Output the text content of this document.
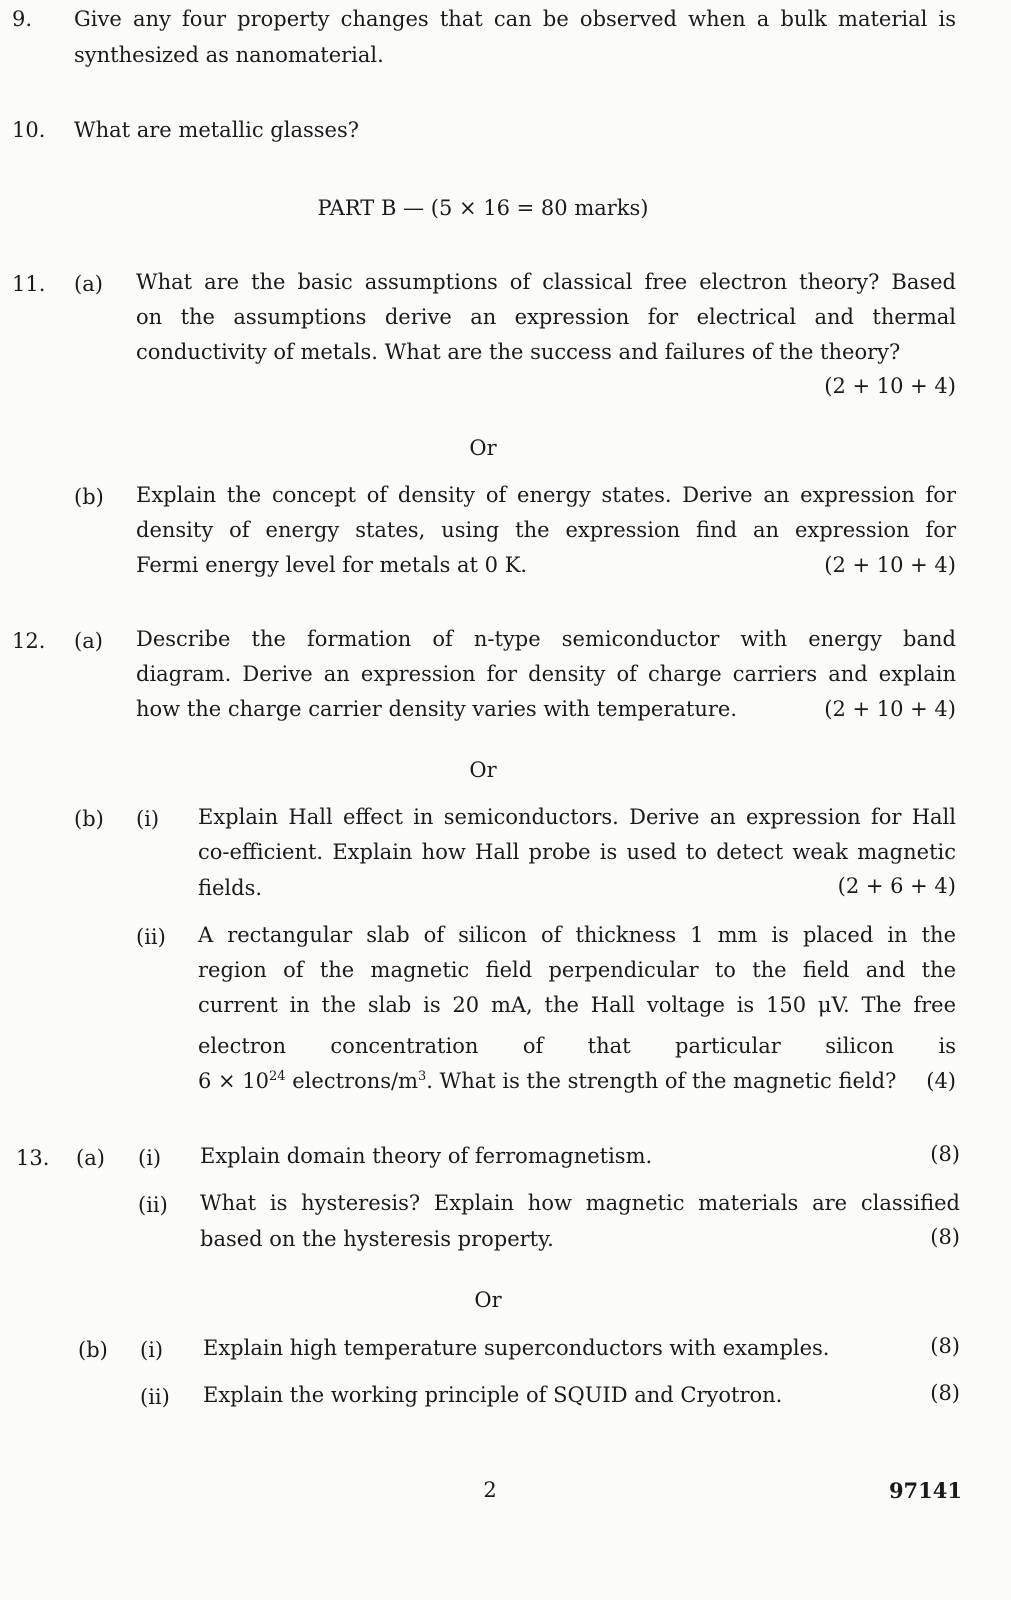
9. Give any four property changes that can be observed when a bulk material is
synthesized as nanomaterial.
10. What are metallic glasses?
PART B — (5 × 16 = 80 marks)
11. (a) What are the basic assumptions of classical free electron theory? Based
on the assumptions derive an expression for electrical and thermal
conductivity of metals. What are the success and failures of the theory?
(2 + 10 + 4)
Or
(b) Explain the concept of density of energy states. Derive an expression for
density of energy states, using the expression find an expression for
Fermi energy level for metals at 0 K.	(2 + 10 + 4)
12. (a) Describe the formation of n-type semiconductor with energy band
diagram. Derive an expression for density of charge carriers and explain
how the charge carrier density varies with temperature.	(2 + 10 + 4)
Or
(b) (i) Explain Hall effect in semiconductors. Derive an expression for Hall
co-efficient. Explain how Hall probe is used to detect weak magnetic
fields.	(2 + 6 + 4)
(ii) A rectangular slab of silicon of thickness 1 mm is placed in the
region of the magnetic field perpendicular to the field and the
current in the slab is 20 mA, the Hall voltage is 150 μV. The free
electron concentration of that particular silicon is
$6 \times 10^{24}$ electrons/$m^3$. What is the strength of the magnetic field?	(4)
13. (a) (i) Explain domain theory of ferromagnetism.	(8)
(ii) What is hysteresis? Explain how magnetic materials are classified
based on the hysteresis property.	(8)
Or
(b) (i) Explain high temperature superconductors with examples.	(8)
(ii) Explain the working principle of SQUID and Cryotron.	(8)
2	97141
